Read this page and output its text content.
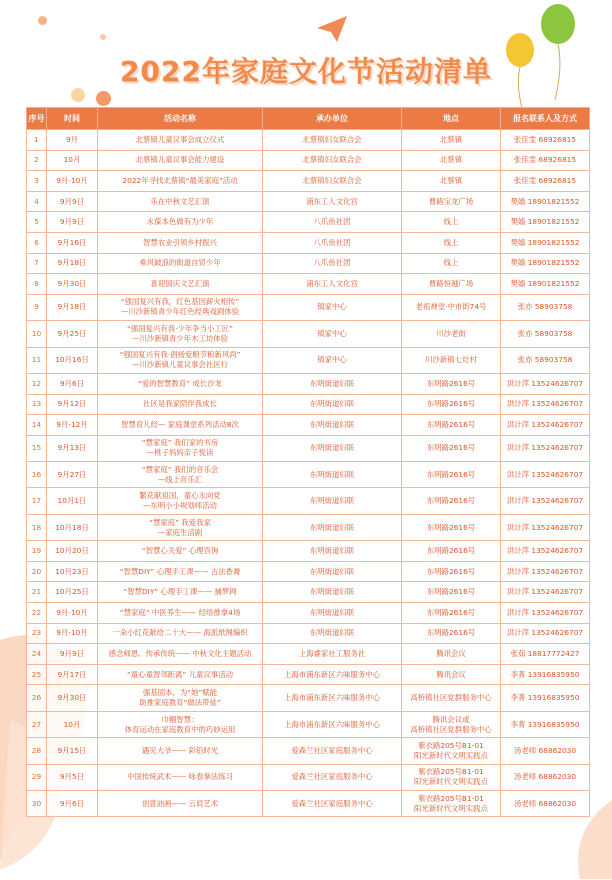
2022年家庭文化节活动清单
序号	时间	活动名称	承办单位	地点	报名联系人及方式
1	9月	北蔡镇儿童议事会成立仪式	北蔡镇妇女联合会	北蔡镇	张佳雯 68926815
2	10月	北蔡镇儿童议事会能力建设	北蔡镇妇女联合会	北蔡镇	张佳雯 68926815
3	9月-10月	2022年寻找北蔡镇“最美家庭”活动	北蔡镇妇女联合会	北蔡镇	张佳雯 68926815
4	9月9日	乐在中秋文艺汇演	浦东工人文化宫	曹路宝龙广场	樊嫱 18901821552
5	9月9日	永葆本色做有为少年	八爪鱼社团	线上	樊嫱 18901821552
6	9月16日	智慧农业引领乡村振兴	八爪鱼社团	线上	樊嫱 18901821552
7	9月18日	乘风破浪的街道自贸少年	八爪鱼社团	线上	樊嫱 18901821552
8	9月30日	喜迎国庆文艺汇演	浦东工人文化宫	曹路恒越广场	樊嫱 18901821552
9	9月18日	“强国复兴有我，红色基因薪火相传”
—川沙新镇青少年红色经典戏剧体验	镇家中心	老祖禅堂·中市街74号	张亦 58903758
10	9月25日	“强国复兴有我·少年争当小工匠”
—川沙新镇青少年木工坊体验	镇家中心	川沙老街	张亦 58903758
11	10月16日	“强国复兴有我·倡扬爱粮节粮新风尚”
—川沙新镇儿童议事会社区行	镇家中心	川沙新镇七灶村	张亦 58903758
12	9月6日	“爱的智慧教育” 成长沙龙	东明街道妇联	东明路2616号	洪计萍 13524626707
13	9月12日	社区是我家陪伴我成长	东明街道妇联	东明路2616号	洪计萍 13524626707
14	9月-12月	智慧育儿经— 家庭课堂系列活动8次	东明街道妇联	东明路2616号	洪计萍 13524626707
15	9月13日	“慧家庭” 我们家的书房
—桃子妈妈亲子悦读	东明街道妇联	东明路2616号	洪计萍 13524626707
16	9月27日	“慧家庭” 我们的音乐会
—线上音乐汇	东明街道妇联	东明路2616号	洪计萍 13524626707
17	10月1日	繁花献祖国，童心永向党
—东明小小规划师活动	东明街道妇联	东明路2616号	洪计萍 13524626707
18	10月18日	“慧家庭” 我爱我家
—家庭生活剧	东明街道妇联	东明路2616号	洪计萍 13524626707
19	10月20日	“智慧心关爱” 心理咨询	东明街道妇联	东明路2616号	洪计萍 13524626707
20	10月23日	“智慧DIY” 心理手工课—— 古法香膏	东明街道妇联	东明路2616号	洪计萍 13524626707
21	10月25日	“智慧DIY” 心理手工课—— 捕梦网	东明街道妇联	东明路2616号	洪计萍 13524626707
22	9月-10月	“慧家庭” 中医养生—— 经络推拿4场	东明街道妇联	东明路2616号	洪计萍 13524626707
23	9月-10月	一朵小红花献给二十大—— 海派纸绳编织	东明街道妇联	东明路2616号	洪计萍 13524626707
24	9月9日	感念师恩、传承传统—— 中秋文化主题活动	上海睿家社工服务社	腾讯会议	张茹 18817772427
25	9月17日	“童心童智邻距离” 儿童议事活动	上海市浦东新区六味服务中心	腾讯会议	李菁 13916835950
26	9月30日	强基固本，为“她”赋能
助推家庭教育“做法带徒”	上海市浦东新区六味服务中心	高桥镇社区党群服务中心	李菁 13916835950
27	10月	巾帼智慧：
体育运动在家庭教育中的巧妙运用	上海市浦东新区六味服务中心	腾讯会议或
高桥镇社区党群服务中心	李菁 13916835950
28	9月15日	遇见大爷—— 彩铅时光	爱森兰社区家庭服务中心	紫衣路205号B1-01
阳光新时代文明实践点	汤老师 68862030
29	9月5日	中国传统武术—— 咏春拳法练习	爱森兰社区家庭服务中心	紫衣路205号B1-01
阳光新时代文明实践点	汤老师 68862030
30	9月6日	创意油画—— 云肩艺术	爱森兰社区家庭服务中心	紫衣路205号B1-01
阳光新时代文明实践点	汤老师 68862030
